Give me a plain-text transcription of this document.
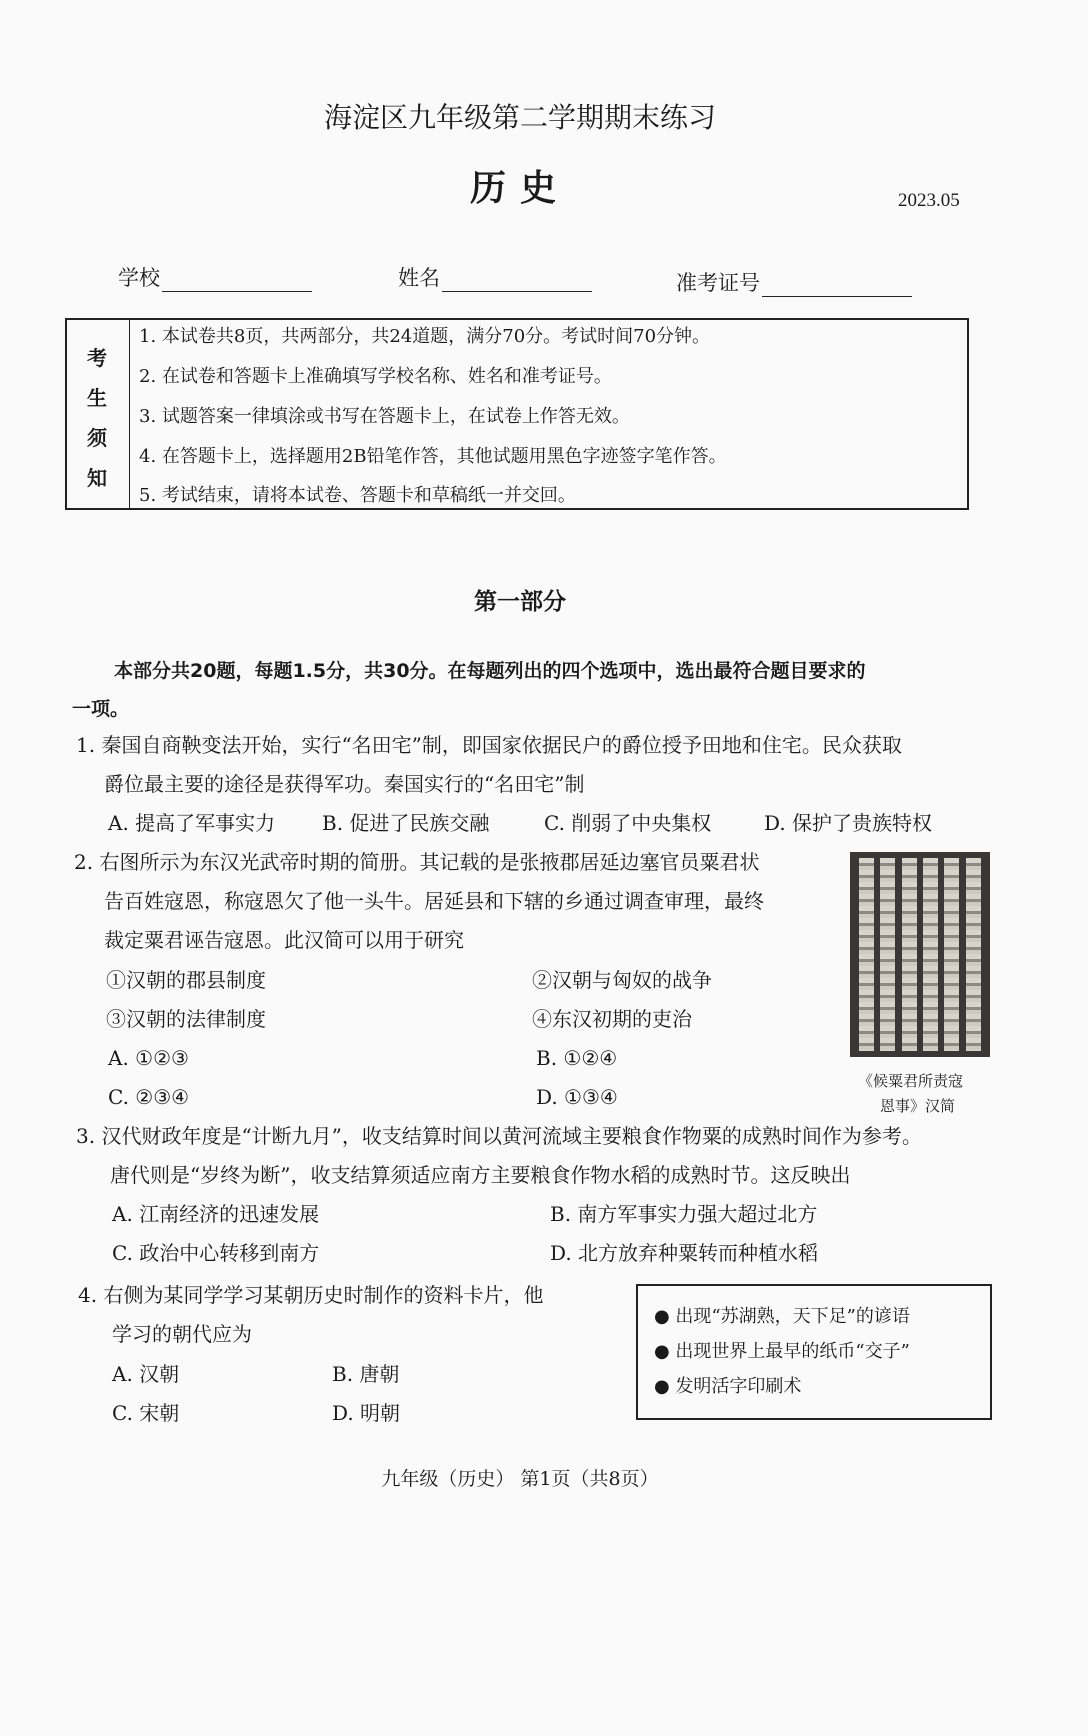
海淀区九年级第二学期期末练习
历史	2023.05
学校	姓名	准考证号
考
生
须
知
1. 本试卷共8页，共两部分，共24道题，满分70分。考试时间70分钟。
2. 在试卷和答题卡上准确填写学校名称、姓名和准考证号。
3. 试题答案一律填涂或书写在答题卡上，在试卷上作答无效。
4. 在答题卡上，选择题用2B铅笔作答，其他试题用黑色字迹签字笔作答。
5. 考试结束，请将本试卷、答题卡和草稿纸一并交回。
第一部分
本部分共20题，每题1.5分，共30分。在每题列出的四个选项中，选出最符合题目要求的
一项。
1. 秦国自商鞅变法开始，实行“名田宅”制，即国家依据民户的爵位授予田地和住宅。民众获取
爵位最主要的途径是获得军功。秦国实行的“名田宅”制
A. 提高了军事实力 B. 促进了民族交融	C. 削弱了中央集权	D. 保护了贵族特权
2. 右图所示为东汉光武帝时期的简册。其记载的是张掖郡居延边塞官员粟君状
告百姓寇恩，称寇恩欠了他一头牛。居延县和下辖的乡通过调查审理，最终
裁定粟君诬告寇恩。此汉简可以用于研究
①汉朝的郡县制度	②汉朝与匈奴的战争
③汉朝的法律制度	④东汉初期的吏治
A. ①②③	B. ①②④
C. ②③④	D. ①③④
《候粟君所责寇
恩事》汉简
3. 汉代财政年度是“计断九月”，收支结算时间以黄河流域主要粮食作物粟的成熟时间作为参考。
唐代则是“岁终为断”，收支结算须适应南方主要粮食作物水稻的成熟时节。这反映出
A. 江南经济的迅速发展	B. 南方军事实力强大超过北方
C. 政治中心转移到南方	D. 北方放弃种粟转而种植水稻
4. 右侧为某同学学习某朝历史时制作的资料卡片，他
学习的朝代应为
A. 汉朝	B. 唐朝
C. 宋朝	D. 明朝
● 出现“苏湖熟，天下足”的谚语
● 出现世界上最早的纸币“交子”
● 发明活字印刷术
九年级（历史） 第1页（共8页）
